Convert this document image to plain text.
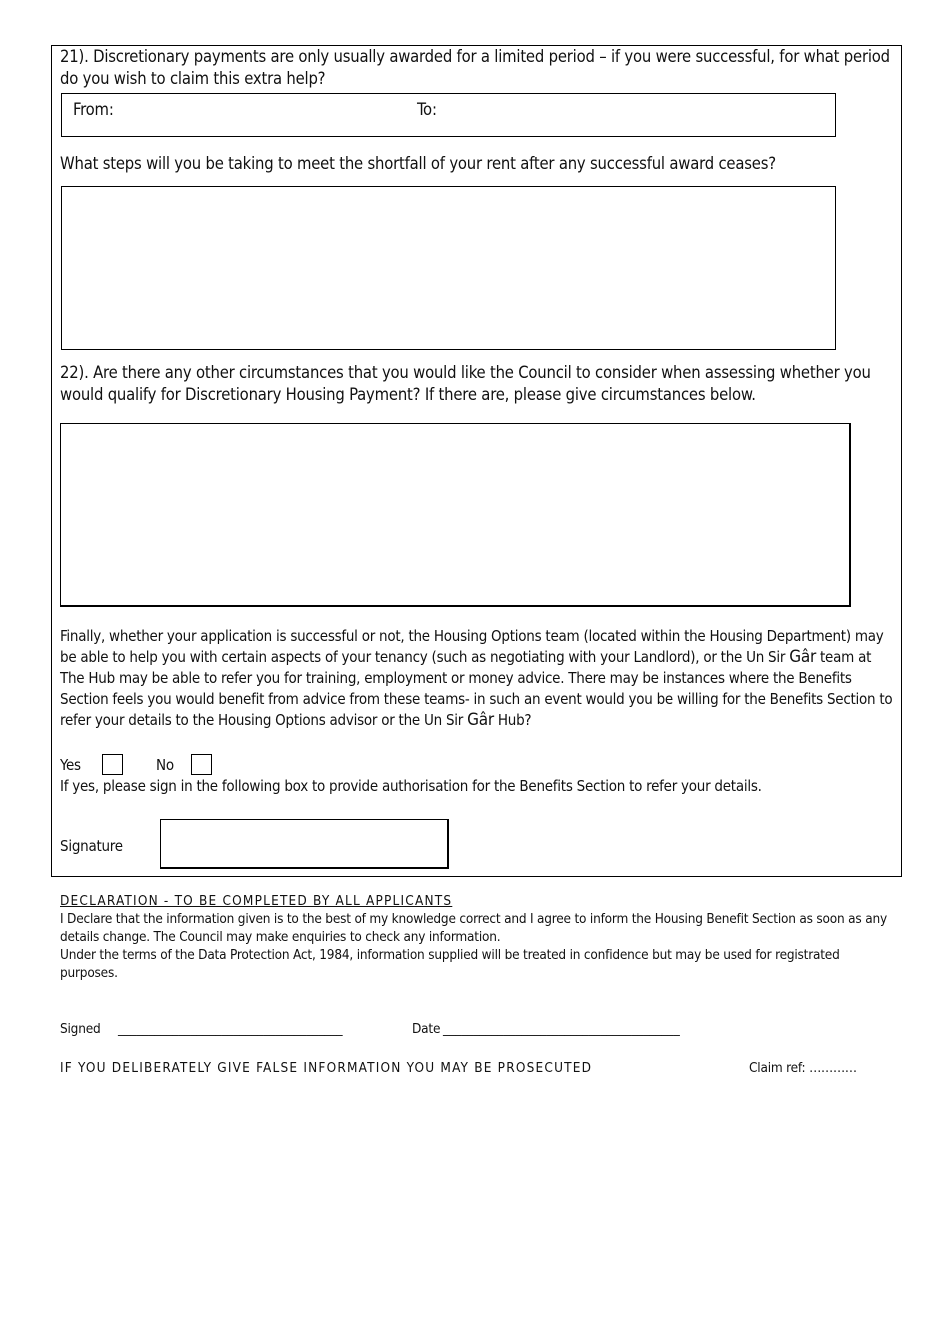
21). Discretionary payments are only usually awarded for a limited period – if you were successful, for what period do you wish to claim this extra help?
From:	To:
What steps will you be taking to meet the shortfall of your rent after any successful award ceases?
22). Are there any other circumstances that you would like the Council to consider when assessing whether you would qualify for Discretionary Housing Payment? If there are, please give circumstances below.
Finally, whether your application is successful or not, the Housing Options team (located within the Housing Department) may be able to help you with certain aspects of your tenancy (such as negotiating with your Landlord), or the Un Sir Gâr team at The Hub may be able to refer you for training, employment or money advice. There may be instances where the Benefits Section feels you would benefit from advice from these teams- in such an event would you be willing for the Benefits Section to refer your details to the Housing Options advisor or the Un Sir Gâr Hub?
Yes	No
If yes, please sign in the following box to provide authorisation for the Benefits Section to refer your details.
Signature
DECLARATION - TO BE COMPLETED BY ALL APPLICANTS
I Declare that the information given is to the best of my knowledge correct and I agree to inform the Housing Benefit Section as soon as any details change. The Council may make enquiries to check any information.
Under the terms of the Data Protection Act, 1984, information supplied will be treated in confidence but may be used for registrated purposes.
Signed _____________________________________	Date _______________________________________
IF YOU DELIBERATELY GIVE FALSE INFORMATION YOU MAY BE PROSECUTED	Claim ref: …………
